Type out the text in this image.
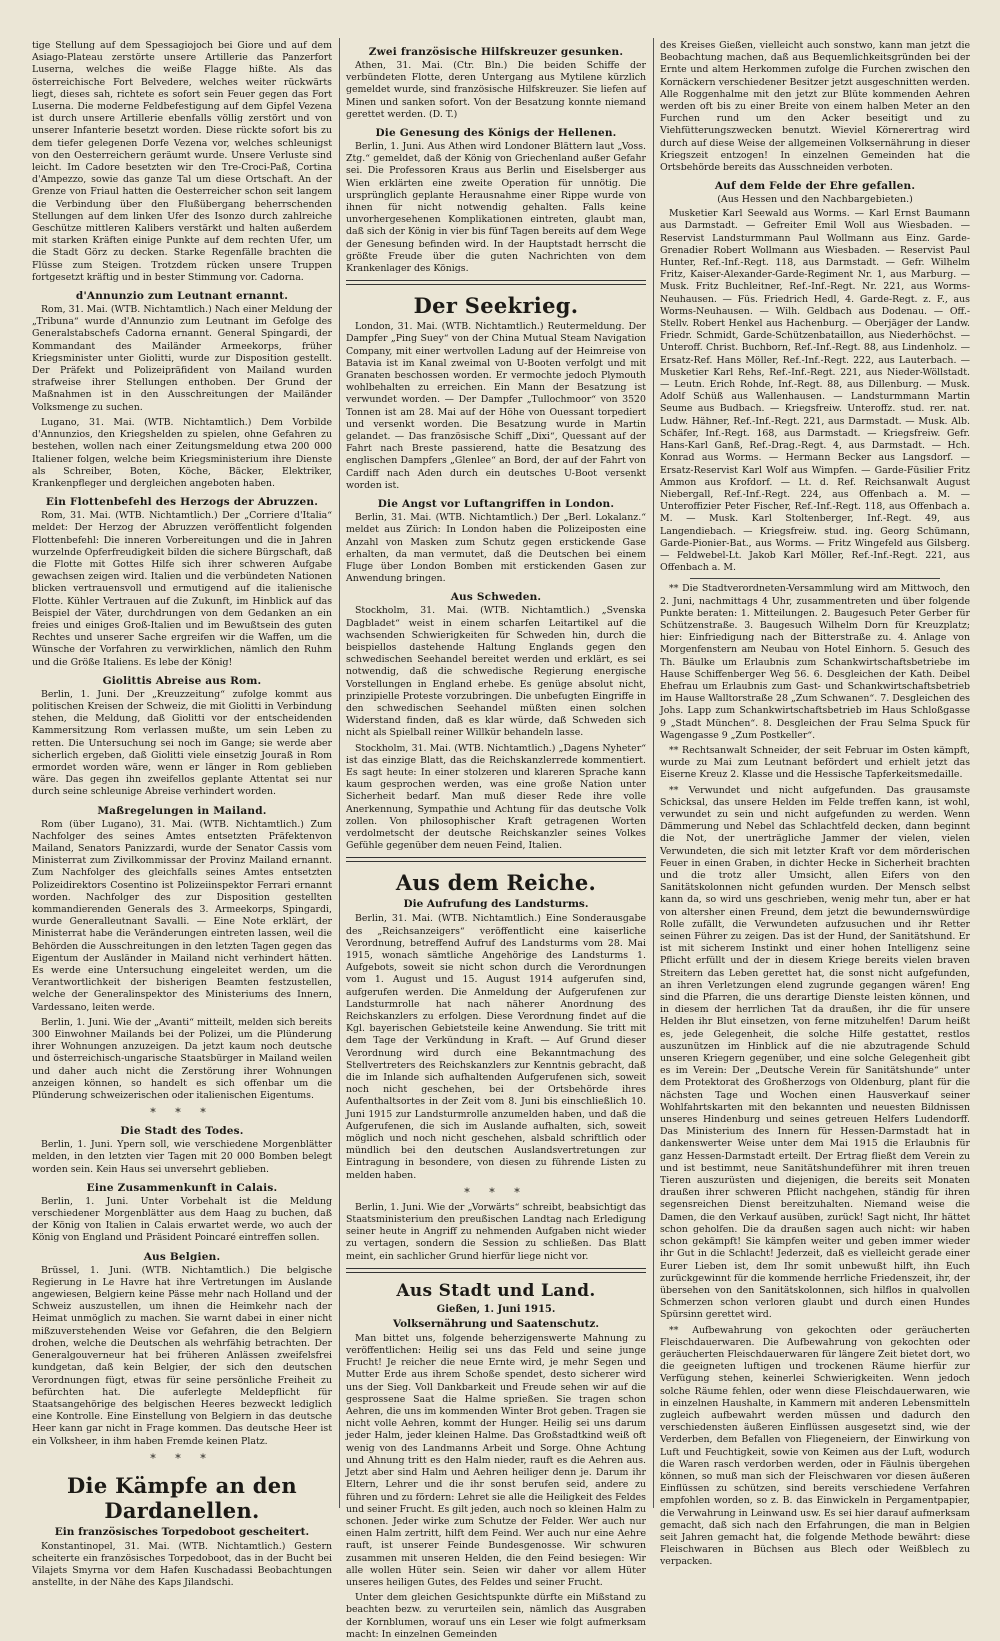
tige Stellung auf dem Spessagiojoch bei Giore und auf dem Asiago-Plateau zerstörte unsere Artillerie das Panzerfort Luserna, welches die weiße Flagge hißte. Als das österreichische Fort Belvedere, welches weiter rückwärts liegt, dieses sah, richtete es sofort sein Feuer gegen das Fort Luserna. Die moderne Feldbefestigung auf dem Gipfel Vezena ist durch unsere Artillerie ebenfalls völlig zerstört und von unserer Infanterie besetzt worden. Diese rückte sofort bis zu dem tiefer gelegenen Dorfe Vezena vor, welches schleunigst von den Oesterreichern geräumt wurde. Unsere Verluste sind leicht. Im Cadore besetzten wir den Tre-Croci-Paß, Cortina d'Ampezzo, sowie das ganze Tal um diese Ortschaft. An der Grenze von Friaul hatten die Oesterreicher schon seit langem die Verbindung über den Flußübergang beherrschenden Stellungen auf dem linken Ufer des Isonzo durch zahlreiche Geschütze mittleren Kalibers verstärkt und halten außerdem mit starken Kräften einige Punkte auf dem rechten Ufer, um die Stadt Görz zu decken. Starke Regenfälle brachten die Flüsse zum Steigen. Trotzdem rücken unsere Truppen fortgesetzt kräftig und in bester Stimmung vor. Cadorna.

d'Annunzio zum Leutnant ernannt.

Rom, 31. Mai. (WTB. Nichtamtlich.) Nach einer Meldung der „Tribuna“ wurde d'Annunzio zum Leutnant im Gefolge des Generalstabschefs Cadorna ernannt. General Spingardi, der Kommandant des Mailänder Armeekorps, früher Kriegsminister unter Giolitti, wurde zur Disposition gestellt. Der Präfekt und Polizeipräfident von Mailand wurden strafweise ihrer Stellungen enthoben. Der Grund der Maßnahmen ist in den Ausschreitungen der Mailänder Volksmenge zu suchen.

Lugano, 31. Mai. (WTB. Nichtamtlich.) Dem Vorbilde d'Annunzios, den Kriegshelden zu spielen, ohne Gefahren zu bestehen, wollen nach einer Zeitungsmeldung etwa 200 000 Italiener folgen, welche beim Kriegsministerium ihre Dienste als Schreiber, Boten, Köche, Bäcker, Elektriker, Krankenpfleger und dergleichen angeboten haben.

Ein Flottenbefehl des Herzogs der Abruzzen.

Rom, 31. Mai. (WTB. Nichtamtlich.) Der „Corriere d'Italia“ meldet: Der Herzog der Abruzzen veröffentlicht folgenden Flottenbefehl: Die inneren Vorbereitungen und die in Jahren wurzelnde Opferfreudigkeit bilden die sichere Bürgschaft, daß die Flotte mit Gottes Hilfe sich ihrer schweren Aufgabe gewachsen zeigen wird. Italien und die verbündeten Nationen blicken vertrauensvoll und ermutigend auf die italienische Flotte. Kühler Vertrauen auf die Zukunft, im Hinblick auf das Beispiel der Väter, durchdrungen von dem Gedanken an ein freies und einiges Groß-Italien und im Bewußtsein des guten Rechtes und unserer Sache ergreifen wir die Waffen, um die Wünsche der Vorfahren zu verwirklichen, nämlich den Ruhm und die Größe Italiens. Es lebe der König!

Giolittis Abreise aus Rom.

Berlin, 1. Juni. Der „Kreuzzeitung“ zufolge kommt aus politischen Kreisen der Schweiz, die mit Giolitti in Verbindung stehen, die Meldung, daß Giolitti vor der entscheidenden Kammersitzung Rom verlassen mußte, um sein Leben zu retten. Die Untersuchung sei noch im Gange; sie werde aber sicherlich ergeben, daß Giolitti viele einsetzig Jouraß in Rom ermordet worden wäre, wenn er länger in Rom geblieben wäre. Das gegen ihn zweifellos geplante Attentat sei nur durch seine schleunige Abreise verhindert worden.

Maßregelungen in Mailand.

Rom (über Lugano), 31. Mai. (WTB. Nichtamtlich.) Zum Nachfolger des seines Amtes entsetzten Präfektenvon Mailand, Senators Panizzardi, wurde der Senator Cassis vom Ministerrat zum Zivilkommissar der Provinz Mailand ernannt. Zum Nachfolger des gleichfalls seines Amtes entsetzten Polizeidirektors Cosentino ist Polizeiinspektor Ferrari ernannt worden. Nachfolger des zur Disposition gestellten kommandierenden Generals des 3. Armeekorps, Spingardi, wurde Generalleutnant Savalli. — Eine Note erklärt, der Ministerrat habe die Veränderungen eintreten lassen, weil die Behörden die Ausschreitungen in den letzten Tagen gegen das Eigentum der Ausländer in Mailand nicht verhindert hätten. Es werde eine Untersuchung eingeleitet werden, um die Verantwortlichkeit der bisherigen Beamten festzustellen, welche der Generalinspektor des Ministeriums des Innern, Vardessano, leiten werde.

Berlin, 1. Juni. Wie der „Avanti“ mitteilt, melden sich bereits 300 Einwohner Mailands bei der Polizei, um die Plünderung ihrer Wohnungen anzuzeigen. Da jetzt kaum noch deutsche und österreichisch-ungarische Staatsbürger in Mailand weilen und daher auch nicht die Zerstörung ihrer Wohnungen anzeigen können, so handelt es sich offenbar um die Plünderung schweizerischen oder italienischen Eigentums.

* * *
Die Stadt des Todes.

Berlin, 1. Juni. Ypern soll, wie verschiedene Morgenblätter melden, in den letzten vier Tagen mit 20 000 Bomben belegt worden sein. Kein Haus sei unversehrt geblieben.

Eine Zusammenkunft in Calais.

Berlin, 1. Juni. Unter Vorbehalt ist die Meldung verschiedener Morgenblätter aus dem Haag zu buchen, daß der König von Italien in Calais erwartet werde, wo auch der König von England und Präsident Poincaré eintreffen sollen.

Aus Belgien.

Brüssel, 1. Juni. (WTB. Nichtamtlich.) Die belgische Regierung in Le Havre hat ihre Vertretungen im Auslande angewiesen, Belgiern keine Pässe mehr nach Holland und der Schweiz auszustellen, um ihnen die Heimkehr nach der Heimat unmöglich zu machen. Sie warnt dabei in einer nicht mißzuverstehenden Weise vor Gefahren, die den Belgiern drohen, welche die Deutschen als wehrfähig betrachten. Der Generalgouverneur hat bei früheren Anlässen zweifelsfrei kundgetan, daß kein Belgier, der sich den deutschen Verordnungen fügt, etwas für seine persönliche Freiheit zu befürchten hat. Die auferlegte Meldepflicht für Staatsangehörige des belgischen Heeres bezweckt lediglich eine Kontrolle. Eine Einstellung von Belgiern in das deutsche Heer kann gar nicht in Frage kommen. Das deutsche Heer ist ein Volksheer, in ihm haben Fremde keinen Platz.

* * *
Die Kämpfe an den Dardanellen.
Ein französisches Torpedoboot gescheitert.

Konstantinopel, 31. Mai. (WTB. Nichtamtlich.) Gestern scheiterte ein französisches Torpedoboot, das in der Bucht bei Vilajets Smyrna vor dem Hafen Kuschadassi Beobachtungen anstellte, in der Nähe des Kaps Jilandschi.

Zwei französische Hilfskreuzer gesunken.

Athen, 31. Mai. (Ctr. Bln.) Die beiden Schiffe der verbündeten Flotte, deren Untergang aus Mytilene kürzlich gemeldet wurde, sind französische Hilfskreuzer. Sie liefen auf Minen und sanken sofort. Von der Besatzung konnte niemand gerettet werden. (D. T.)

Die Genesung des Königs der Hellenen.

Berlin, 1. Juni. Aus Athen wird Londoner Blättern laut „Voss. Ztg.“ gemeldet, daß der König von Griechenland außer Gefahr sei. Die Professoren Kraus aus Berlin und Eiselsberger aus Wien erklärten eine zweite Operation für unnötig. Die ursprünglich geplante Herausnahme einer Rippe wurde von ihnen für nicht notwendig gehalten. Falls keine unvorhergesehenen Komplikationen eintreten, glaubt man, daß sich der König in vier bis fünf Tagen bereits auf dem Wege der Genesung befinden wird. In der Hauptstadt herrscht die größte Freude über die guten Nachrichten von dem Krankenlager des Königs.

Der Seekrieg.

London, 31. Mai. (WTB. Nichtamtlich.) Reutermeldung. Der Dampfer „Ping Suey“ von der China Mutual Steam Navigation Company, mit einer wertvollen Ladung auf der Heimreise von Batavia ist im Kanal zweimal von U-Booten verfolgt und mit Granaten beschossen worden. Er vermochte jedoch Plymouth wohlbehalten zu erreichen. Ein Mann der Besatzung ist verwundet worden. — Der Dampfer „Tullochmoor“ von 3520 Tonnen ist am 28. Mai auf der Höhe von Ouessant torpediert und versenkt worden. Die Besatzung wurde in Martin gelandet. — Das französische Schiff „Dixi“, Quessant auf der Fahrt nach Breste passierend, hatte die Besatzung des englischen Dampfers „Glenlee“ an Bord, der auf der Fahrt von Cardiff nach Aden durch ein deutsches U-Boot versenkt worden ist.

Die Angst vor Luftangriffen in London.

Berlin, 31. Mai. (WTB. Nichtamtlich.) Der „Berl. Lokalanz.“ meldet aus Zürich: In London haben die Polizeiposten eine Anzahl von Masken zum Schutz gegen erstickende Gase erhalten, da man vermutet, daß die Deutschen bei einem Fluge über London Bomben mit erstickenden Gasen zur Anwendung bringen.

Aus Schweden.

Stockholm, 31. Mai. (WTB. Nichtamtlich.) „Svenska Dagbladet“ weist in einem scharfen Leitartikel auf die wachsenden Schwierigkeiten für Schweden hin, durch die beispiellos dastehende Haltung Englands gegen den schwedischen Seehandel bereitet werden und erklärt, es sei notwendig, daß die schwedische Regierung energische Vorstellungen in England erhebe. Es genüge absolut nicht, prinzipielle Proteste vorzubringen. Die unbefugten Eingriffe in den schwedischen Seehandel müßten einen solchen Widerstand finden, daß es klar würde, daß Schweden sich nicht als Spielball reiner Willkür behandeln lasse.

Stockholm, 31. Mai. (WTB. Nichtamtlich.) „Dagens Nyheter“ ist das einzige Blatt, das die Reichskanzlerrede kommentiert. Es sagt heute: In einer stolzeren und klareren Sprache kann kaum gesprochen werden, was eine große Nation unter Sicherheit bedarf. Man muß dieser Rede ihre volle Anerkennung, Sympathie und Achtung für das deutsche Volk zollen. Von philosophischer Kraft getragenen Worten verdolmetscht der deutsche Reichskanzler seines Volkes Gefühle gegenüber dem neuen Feind, Italien.

Aus dem Reiche.
Die Aufrufung des Landsturms.

Berlin, 31. Mai. (WTB. Nichtamtlich.) Eine Sonderausgabe des „Reichsanzeigers“ veröffentlicht eine kaiserliche Verordnung, betreffend Aufruf des Landsturms vom 28. Mai 1915, wonach sämtliche Angehörige des Landsturms 1. Aufgebots, soweit sie nicht schon durch die Verordnungen vom 1. August und 15. August 1914 aufgerufen sind, aufgerufen werden. Die Anmeldung der Aufgerufenen zur Landsturmrolle hat nach näherer Anordnung des Reichskanzlers zu erfolgen. Diese Verordnung findet auf die Kgl. bayerischen Gebietsteile keine Anwendung. Sie tritt mit dem Tage der Verkündung in Kraft. — Auf Grund dieser Verordnung wird durch eine Bekanntmachung des Stellvertreters des Reichskanzlers zur Kenntnis gebracht, daß die im Inlande sich aufhaltenden Aufgerufenen sich, soweit noch nicht geschehen, bei der Ortsbehörde ihres Aufenthaltsortes in der Zeit vom 8. Juni bis einschließlich 10. Juni 1915 zur Landsturmrolle anzumelden haben, und daß die Aufgerufenen, die sich im Auslande aufhalten, sich, soweit möglich und noch nicht geschehen, alsbald schriftlich oder mündlich bei den deutschen Auslandsvertretungen zur Eintragung in besondere, von diesen zu führende Listen zu melden haben.

* * *

Berlin, 1. Juni. Wie der „Vorwärts“ schreibt, beabsichtigt das Staatsministerium den preußischen Landtag nach Erledigung seiner heute in Angriff zu nehmenden Aufgaben nicht wieder zu vertagen, sondern die Session zu schließen. Das Blatt meint, ein sachlicher Grund hierfür liege nicht vor.

Aus Stadt und Land.
Gießen, 1. Juni 1915.
Volksernährung und Saatenschutz.

Man bittet uns, folgende beherzigenswerte Mahnung zu veröffentlichen: Heilig sei uns das Feld und seine junge Frucht! Je reicher die neue Ernte wird, je mehr Segen und Mutter Erde aus ihrem Schoße spendet, desto sicherer wird uns der Sieg. Voll Dankbarkeit und Freude sehen wir auf die gesprossene Saat die Halme sprießen. Sie tragen schon Aehren, die uns im kommenden Winter Brot geben. Tragen sie nicht volle Aehren, kommt der Hunger. Heilig sei uns darum jeder Halm, jeder kleinen Halme. Das Großstadtkind weiß oft wenig von des Landmanns Arbeit und Sorge. Ohne Achtung und Ahnung tritt es den Halm nieder, rauft es die Aehren aus. Jetzt aber sind Halm und Aehren heiliger denn je. Darum ihr Eltern, Lehrer und die ihr sonst berufen seid, andere zu führen und zu fördern: Lehret sie alle die Heiligkeit des Feldes und seiner Frucht. Es gilt jeden, auch noch so kleinen Halm zu schonen. Jeder wirke zum Schutze der Felder. Wer auch nur einen Halm zertritt, hilft dem Feind. Wer auch nur eine Aehre rauft, ist unserer Feinde Bundesgenosse. Wir schwuren zusammen mit unseren Helden, die den Feind besiegen: Wir alle wollen Hüter sein. Seien wir daher vor allem Hüter unseres heiligen Gutes, des Feldes und seiner Frucht.

Unter dem gleichen Gesichtspunkte dürfte ein Mißstand zu beachten bezw. zu verurteilen sein, nämlich das Ausgraben der Kornblumen, worauf uns ein Leser wie folgt aufmerksam macht: In einzelnen Gemeinden

des Kreises Gießen, vielleicht auch sonstwo, kann man jetzt die Beobachtung machen, daß aus Bequemlichkeitsgründen bei der Ernte und altem Herkommen zufolge die Furchen zwischen den Kornäckern verschiedener Besitzer jetzt ausgeschnitten werden. Alle Roggenhalme mit den jetzt zur Blüte kommenden Aehren werden oft bis zu einer Breite von einem halben Meter an den Furchen rund um den Acker beseitigt und zu Viehfütterungszwecken benutzt. Wieviel Körnerertrag wird durch auf diese Weise der allgemeinen Volksernährung in dieser Kriegszeit entzogen! In einzelnen Gemeinden hat die Ortsbehörde bereits das Ausschneiden verboten.

Auf dem Felde der Ehre gefallen.
(Aus Hessen und den Nachbargebieten.)

Musketier Karl Seewald aus Worms. — Karl Ernst Baumann aus Darmstadt. — Gefreiter Emil Woll aus Wiesbaden. — Reservist Landsturmmann Paul Wollmann aus Einz. Garde-Grenadier Robert Wollmann aus Wiesbaden. — Reservist Paul Hunter, Ref.-Inf.-Regt. 118, aus Darmstadt. — Gefr. Wilhelm Fritz, Kaiser-Alexander-Garde-Regiment Nr. 1, aus Marburg. — Musk. Fritz Buchleitner, Ref.-Inf.-Regt. Nr. 221, aus Worms-Neuhausen. — Füs. Friedrich Hedl, 4. Garde-Regt. z. F., aus Worms-Neuhausen. — Wilh. Geldbach aus Dodenau. — Off.-Stellv. Robert Henkel aus Hachenburg. — Oberjäger der Landw. Friedr. Schmidt, Garde-Schützenbataillon, aus Niederhöchst. — Unteroff. Christ. Buchborn, Ref.-Inf.-Regt. 88, aus Lindenholz. — Ersatz-Ref. Hans Möller, Ref.-Inf.-Regt. 222, aus Lauterbach. — Musketier Karl Rehs, Ref.-Inf.-Regt. 221, aus Nieder-Wöllstadt. — Leutn. Erich Rohde, Inf.-Regt. 88, aus Dillenburg. — Musk. Adolf Schüß aus Wallenhausen. — Landsturmmann Martin Seume aus Budbach. — Kriegsfreiw. Unteroffz. stud. rer. nat. Ludw. Hähner, Ref.-Inf.-Regt. 221, aus Darmstadt. — Musk. Alb. Schäfer, Inf.-Regt. 168, aus Darmstadt. — Kriegsfreiw. Gefr. Hans-Karl Ganß, Ref.-Drag.-Regt. 4, aus Darmstadt. — Hch. Konrad aus Worms. — Hermann Becker aus Langsdorf. — Ersatz-Reservist Karl Wolf aus Wimpfen. — Garde-Füsilier Fritz Ammon aus Krofdorf. — Lt. d. Ref. Reichsanwalt August Niebergall, Ref.-Inf.-Regt. 224, aus Offenbach a. M. — Unteroffizier Peter Fischer, Ref.-Inf.-Regt. 118, aus Offenbach a. M. — Musk. Karl Stoltenberger, Inf.-Regt. 49, aus Langendiebach. — Kriegsfreiw. stud. ing. Georg Schümann, Garde-Pionier-Bat., aus Worms. — Fritz Wingefeld aus Gilsberg. — Feldwebel-Lt. Jakob Karl Möller, Ref.-Inf.-Regt. 221, aus Offenbach a. M.

** Die Stadtverordneten-Versammlung wird am Mittwoch, den 2. Juni, nachmittags 4 Uhr, zusammentreten und über folgende Punkte beraten: 1. Mitteilungen. 2. Baugesuch Peter Gerber für Schützenstraße. 3. Baugesuch Wilhelm Dorn für Kreuzplatz; hier: Einfriedigung nach der Bitterstraße zu. 4. Anlage von Morgenfenstern am Neubau von Hotel Einhorn. 5. Gesuch des Th. Bäulke um Erlaubnis zum Schankwirtschaftsbetriebe im Hause Schiffenberger Weg 56. 6. Desgleichen der Kath. Deibel Ehefrau um Erlaubnis zum Gast- und Schankwirtschaftsbetrieb im Hause Walltorstraße 28 „Zum Schwanen“. 7. Desgleichen des Johs. Lapp zum Schankwirtschaftsbetrieb im Haus Schloßgasse 9 „Stadt München“. 8. Desgleichen der Frau Selma Spuck für Wagengasse 9 „Zum Postkeller“.

** Rechtsanwalt Schneider, der seit Februar im Osten kämpft, wurde zu Mai zum Leutnant befördert und erhielt jetzt das Eiserne Kreuz 2. Klasse und die Hessische Tapferkeitsmedaille.

** Verwundet und nicht aufgefunden. Das grausamste Schicksal, das unsere Helden im Felde treffen kann, ist wohl, verwundet zu sein und nicht aufgefunden zu werden. Wenn Dämmerung und Nebel das Schlachtfeld decken, dann beginnt die Not, der unerträgliche Jammer der vielen, vielen Verwundeten, die sich mit letzter Kraft vor dem mörderischen Feuer in einen Graben, in dichter Hecke in Sicherheit brachten und die trotz aller Umsicht, allen Eifers von den Sanitätskolonnen nicht gefunden wurden. Der Mensch selbst kann da, so wird uns geschrieben, wenig mehr tun, aber er hat von altersher einen Freund, dem jetzt die bewundernswürdige Rolle zufällt, die Verwundeten aufzusuchen und ihr Retter seinen Führer zu zeigen. Das ist der Hund, der Sanitätshund. Er ist mit sicherem Instinkt und einer hohen Intelligenz seine Pflicht erfüllt und der in diesem Kriege bereits vielen braven Streitern das Leben gerettet hat, die sonst nicht aufgefunden, an ihren Verletzungen elend zugrunde gegangen wären! Eng sind die Pfarren, die uns derartige Dienste leisten können, und in diesem der herrlichen Tat da draußen, ihr die für unsere Helden ihr Blut einsetzen, von ferne mitzuhelfen! Darum heißt es, jede Gelegenheit, die solche Hilfe gestattet, restlos auszunützen im Hinblick auf die nie abzutragende Schuld unseren Kriegern gegenüber, und eine solche Gelegenheit gibt es im Verein: Der „Deutsche Verein für Sanitätshunde“ unter dem Protektorat des Großherzogs von Oldenburg, plant für die nächsten Tage und Wochen einen Hausverkauf seiner Wohlfahrtskarten mit den bekannten und neuesten Bildnissen unseres Hindenburg und seines getreuen Helfers Ludendorff. Das Ministerium des Innern für Hessen-Darmstadt hat in dankenswerter Weise unter dem Mai 1915 die Erlaubnis für ganz Hessen-Darmstadt erteilt. Der Ertrag fließt dem Verein zu und ist bestimmt, neue Sanitätshundeführer mit ihren treuen Tieren auszurüsten und diejenigen, die bereits seit Monaten draußen ihrer schweren Pflicht nachgehen, ständig für ihren segensreichen Dienst bereitzuhalten. Niemand weise die Damen, die den Verkauf ausüben, zurück! Sagt nicht, Ihr hättet schon geholfen. Die da draußen sagen auch nicht: wir haben schon gekämpft! Sie kämpfen weiter und geben immer wieder ihr Gut in die Schlacht! Jederzeit, daß es vielleicht gerade einer Eurer Lieben ist, dem Ihr somit unbewußt hilft, ihn Euch zurückgewinnt für die kommende herrliche Friedenszeit, ihr, der übersehen von den Sanitätskolonnen, sich hilflos in qualvollen Schmerzen schon verloren glaubt und durch einen Hundes Spürsinn gerettet wird.

** Aufbewahrung von gekochten oder geräucherten Fleischdauerwaren. Die Aufbewahrung von gekochten oder geräucherten Fleischdauerwaren für längere Zeit bietet dort, wo die geeigneten luftigen und trockenen Räume hierfür zur Verfügung stehen, keinerlei Schwierigkeiten. Wenn jedoch solche Räume fehlen, oder wenn diese Fleischdauerwaren, wie in einzelnen Haushalte, in Kammern mit anderen Lebensmitteln zugleich aufbewahrt werden müssen und dadurch den verschiedensten äußeren Einflüssen ausgesetzt sind, wie der Verderben, dem Befallen von Fliegeneiern, der Einwirkung von Luft und Feuchtigkeit, sowie von Keimen aus der Luft, wodurch die Waren rasch verdorben werden, oder in Fäulnis übergehen können, so muß man sich der Fleischwaren vor diesen äußeren Einflüssen zu schützen, sind bereits verschiedene Verfahren empfohlen worden, so z. B. das Einwickeln in Pergamentpapier, die Verwahrung in Leinwand usw. Es sei hier darauf aufmerksam gemacht, daß sich nach den Erfahrungen, die man in Belgien seit Jahren gemacht hat, die folgende Methode bewährt: diese Fleischwaren in Büchsen aus Blech oder Weißblech zu verpacken.
